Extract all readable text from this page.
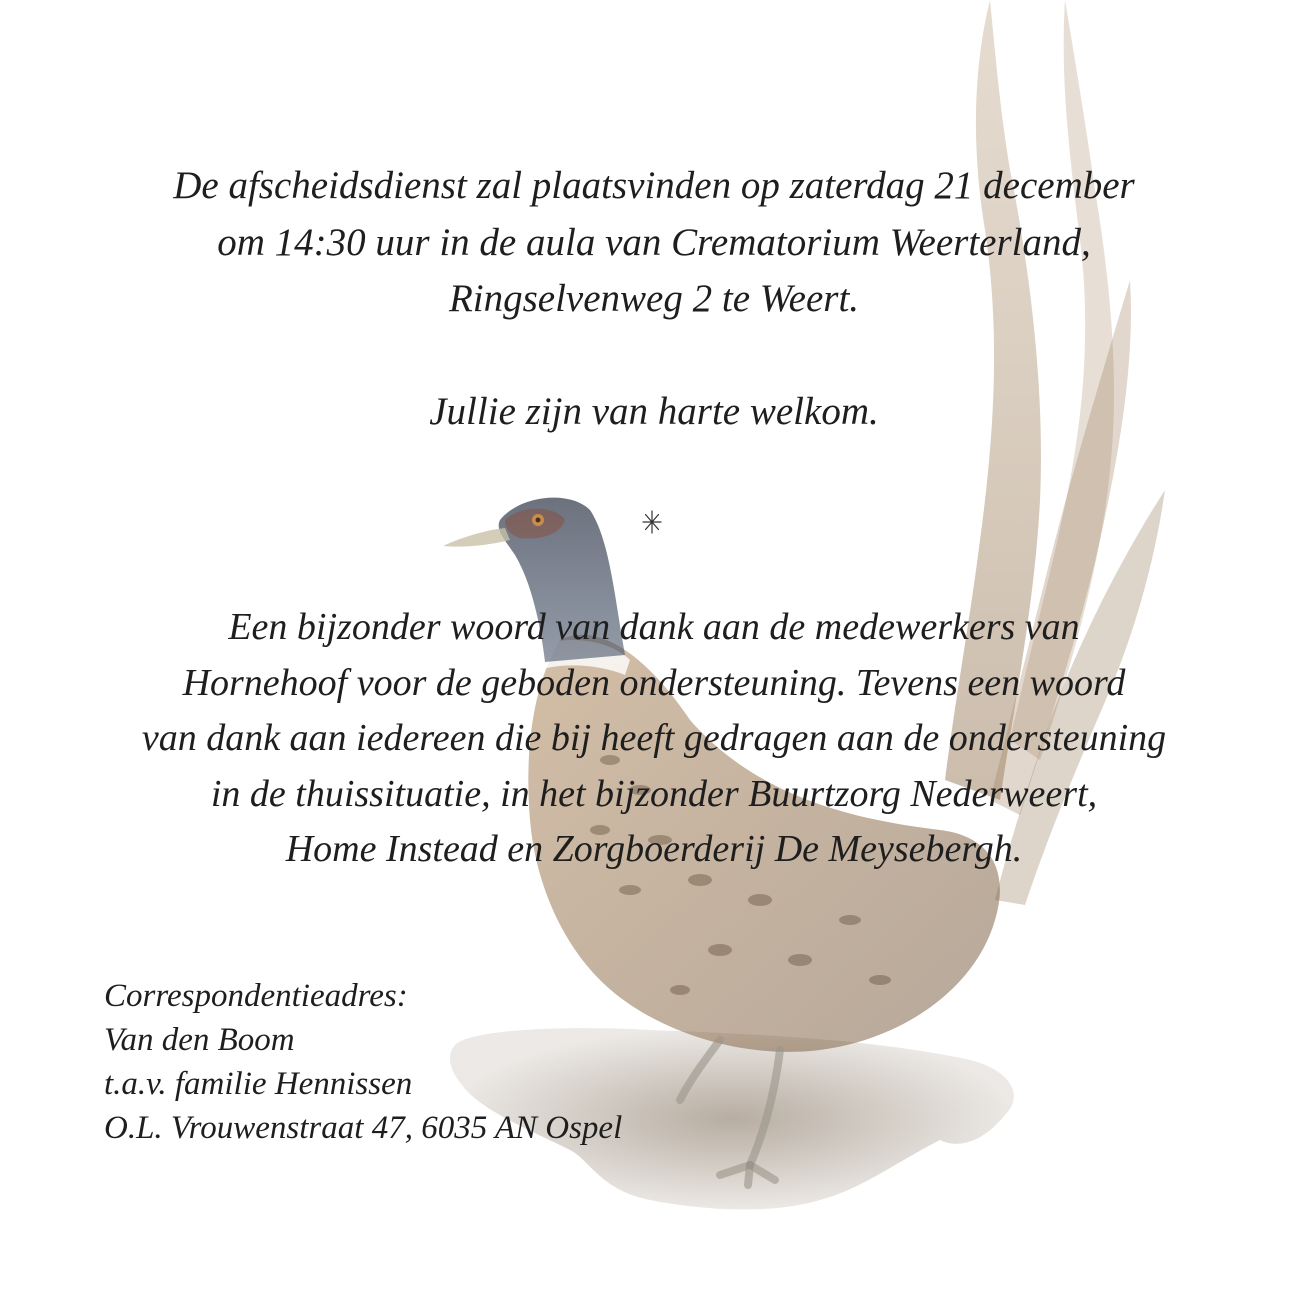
De afscheidsdienst zal plaatsvinden op zaterdag 21 december
om 14:30 uur in de aula van Crematorium Weerterland,
Ringselvenweg 2 te Weert.
Jullie zijn van harte welkom.
Een bijzonder woord van dank aan de medewerkers van
Hornehoof voor de geboden ondersteuning. Tevens een woord
van dank aan iedereen die bij heeft gedragen aan de ondersteuning
in de thuissituatie, in het bijzonder Buurtzorg Nederweert,
Home Instead en Zorgboerderij De Meysebergh.
Correspondentieadres:
Van den Boom
t.a.v. familie Hennissen
O.L. Vrouwenstraat 47, 6035 AN Ospel
